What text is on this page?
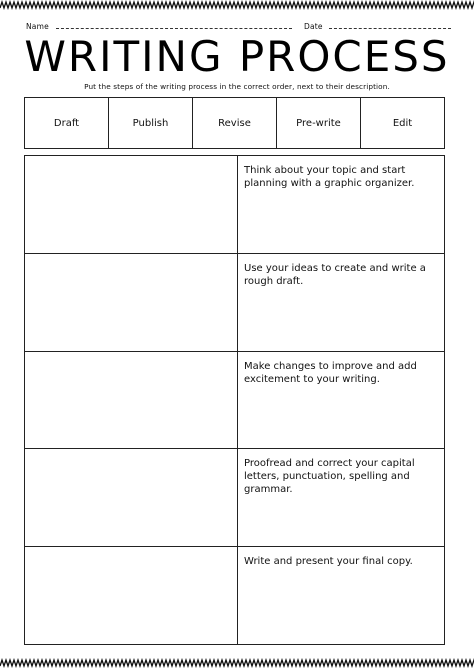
Name	Date
WRITING PROCESS
Put the steps of the writing process in the correct order, next to their description.
Draft	Publish	Revise	Pre-write	Edit
Think about your topic and start planning with a graphic organizer.
Use your ideas to create and write a rough draft.
Make changes to improve and add excitement to your writing.
Proofread and correct your capital letters, punctuation, spelling and grammar.
Write and present your final copy.
